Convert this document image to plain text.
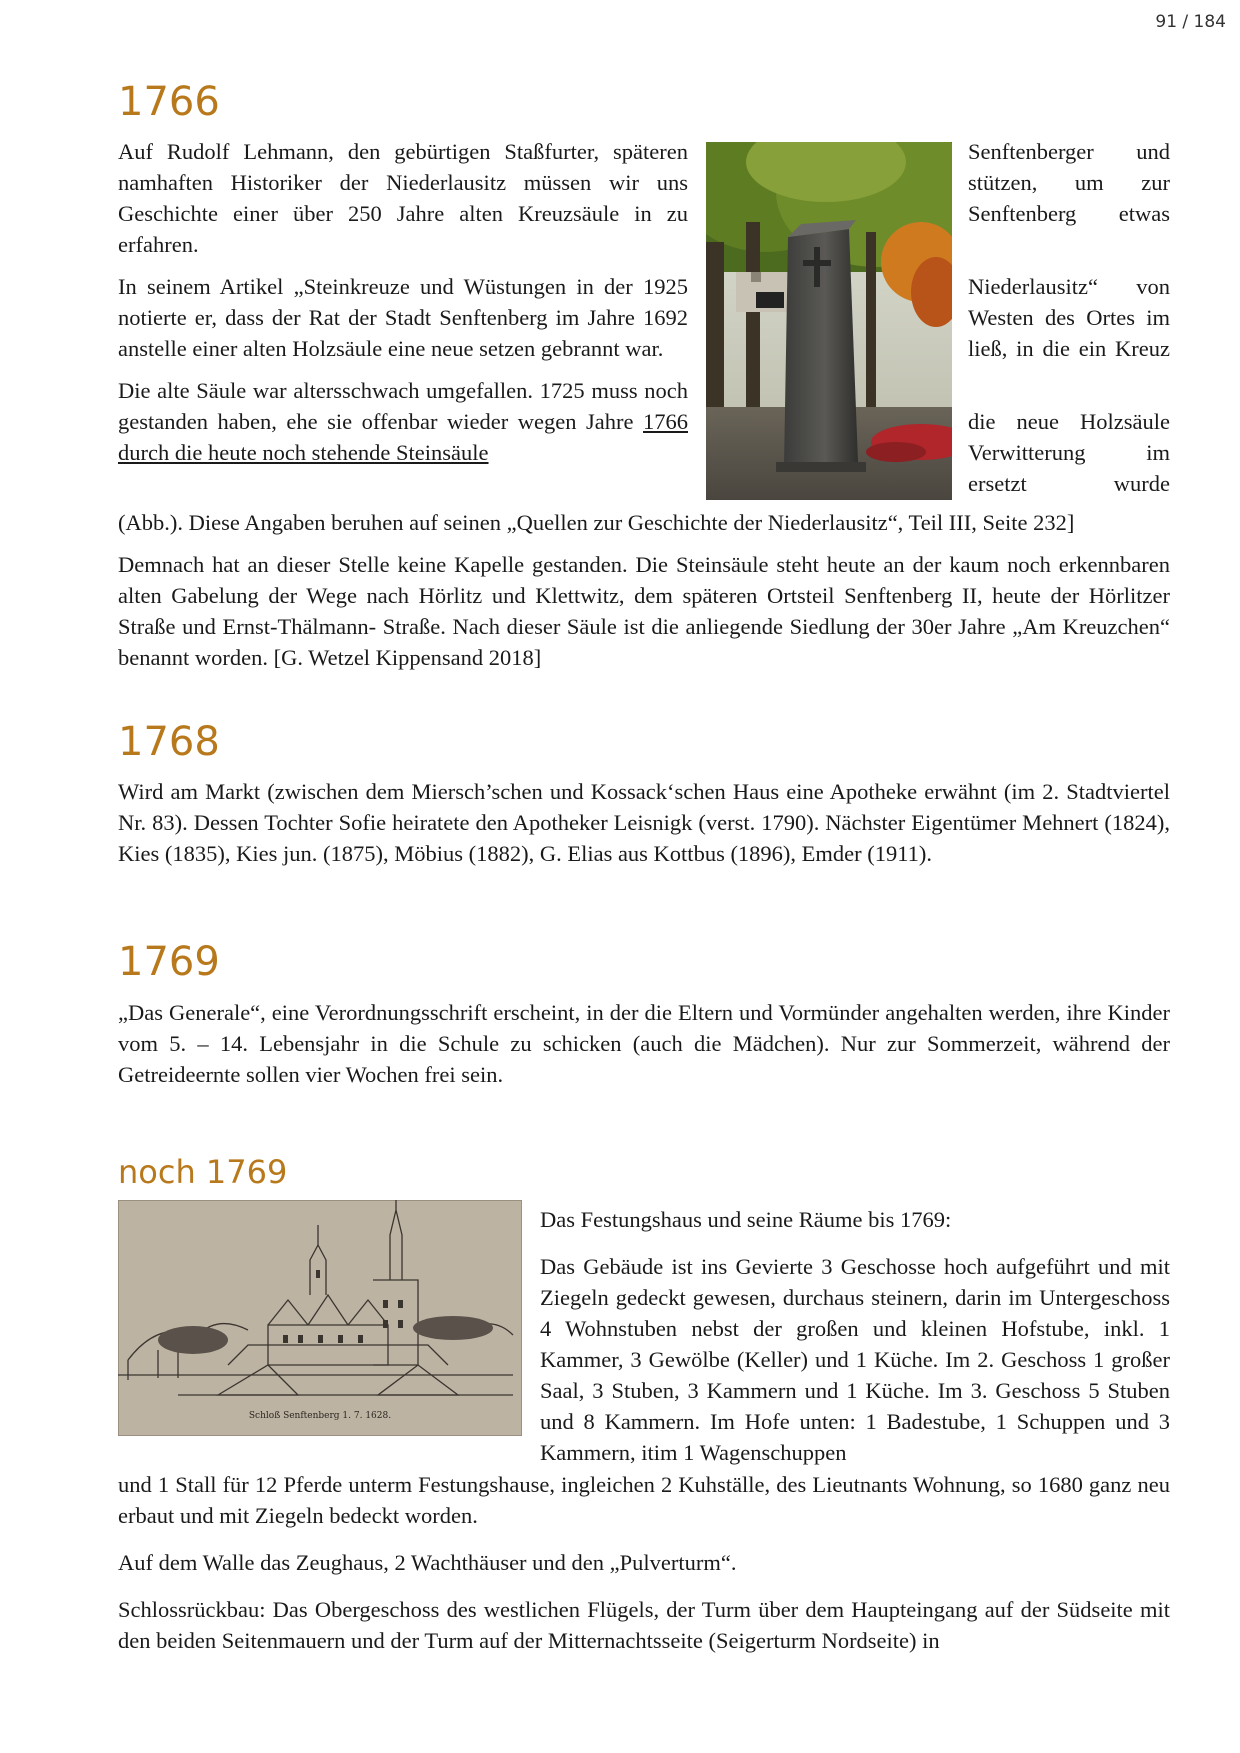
91 / 184
1766

Auf Rudolf Lehmann, den gebürtigen Staßfurter, späteren namhaften Historiker der Niederlausitz müssen wir uns Geschichte einer über 250 Jahre alten Kreuzsäule in zu erfahren.

In seinem Artikel „Steinkreuze und Wüstungen in der 1925 notierte er, dass der Rat der Stadt Senftenberg im Jahre 1692 anstelle einer alten Holzsäule eine neue setzen gebrannt war.

Die alte Säule war altersschwach umgefallen. 1725 muss noch gestanden haben, ehe sie offenbar wieder wegen Jahre 1766 durch die heute noch stehende Steinsäule

Senftenberger und stützen, um zur Senftenberg etwas

Niederlausitz“ von Westen des Ortes im ließ, in die ein Kreuz

die neue Holzsäule Verwitterung im ersetzt wurde

(Abb.). Diese Angaben beruhen auf seinen „Quellen zur Geschichte der Niederlausitz“, Teil III, Seite 232]

Demnach hat an dieser Stelle keine Kapelle gestanden. Die Steinsäule steht heute an der kaum noch erkennbaren alten Gabelung der Wege nach Hörlitz und Klettwitz, dem späteren Ortsteil Senftenberg II, heute der Hörlitzer Straße und Ernst-Thälmann- Straße. Nach dieser Säule ist die anliegende Siedlung der 30er Jahre „Am Kreuzchen“ benannt worden. [G. Wetzel Kippensand 2018]

1768

Wird am Markt (zwischen dem Miersch’schen und Kossack‘schen Haus eine Apotheke erwähnt (im 2. Stadtviertel Nr. 83). Dessen Tochter Sofie heiratete den Apotheker Leisnigk (verst. 1790). Nächster Eigentümer Mehnert (1824), Kies (1835), Kies jun. (1875), Möbius (1882), G. Elias aus Kottbus (1896), Emder (1911).

1769

„Das Generale“, eine Verordnungsschrift erscheint, in der die Eltern und Vormünder angehalten werden, ihre Kinder vom 5. – 14. Lebensjahr in die Schule zu schicken (auch die Mädchen). Nur zur Sommerzeit, während der Getreideernte sollen vier Wochen frei sein.

noch 1769
Schloß Senftenberg 1. 7. 1628.

Das Festungshaus und seine Räume bis 1769:

Das Gebäude ist ins Gevierte 3 Geschosse hoch aufgeführt und mit Ziegeln gedeckt gewesen, durchaus steinern, darin im Untergeschoss 4 Wohnstuben nebst der großen und kleinen Hofstube, inkl. 1 Kammer, 3 Gewölbe (Keller) und 1 Küche. Im 2. Geschoss 1 großer Saal, 3 Stuben, 3 Kammern und 1 Küche. Im 3. Geschoss 5 Stuben und 8 Kammern. Im Hofe unten: 1 Badestube, 1 Schuppen und 3 Kammern, itim 1 Wagenschuppen

und 1 Stall für 12 Pferde unterm Festungshause, ingleichen 2 Kuhställe, des Lieutnants Wohnung, so 1680 ganz neu erbaut und mit Ziegeln bedeckt worden.

Auf dem Walle das Zeughaus, 2 Wachthäuser und den „Pulverturm“.

Schlossrückbau: Das Obergeschoss des westlichen Flügels, der Turm über dem Haupteingang auf der Südseite mit den beiden Seitenmauern und der Turm auf der Mitternachtsseite (Seigerturm Nordseite) in
